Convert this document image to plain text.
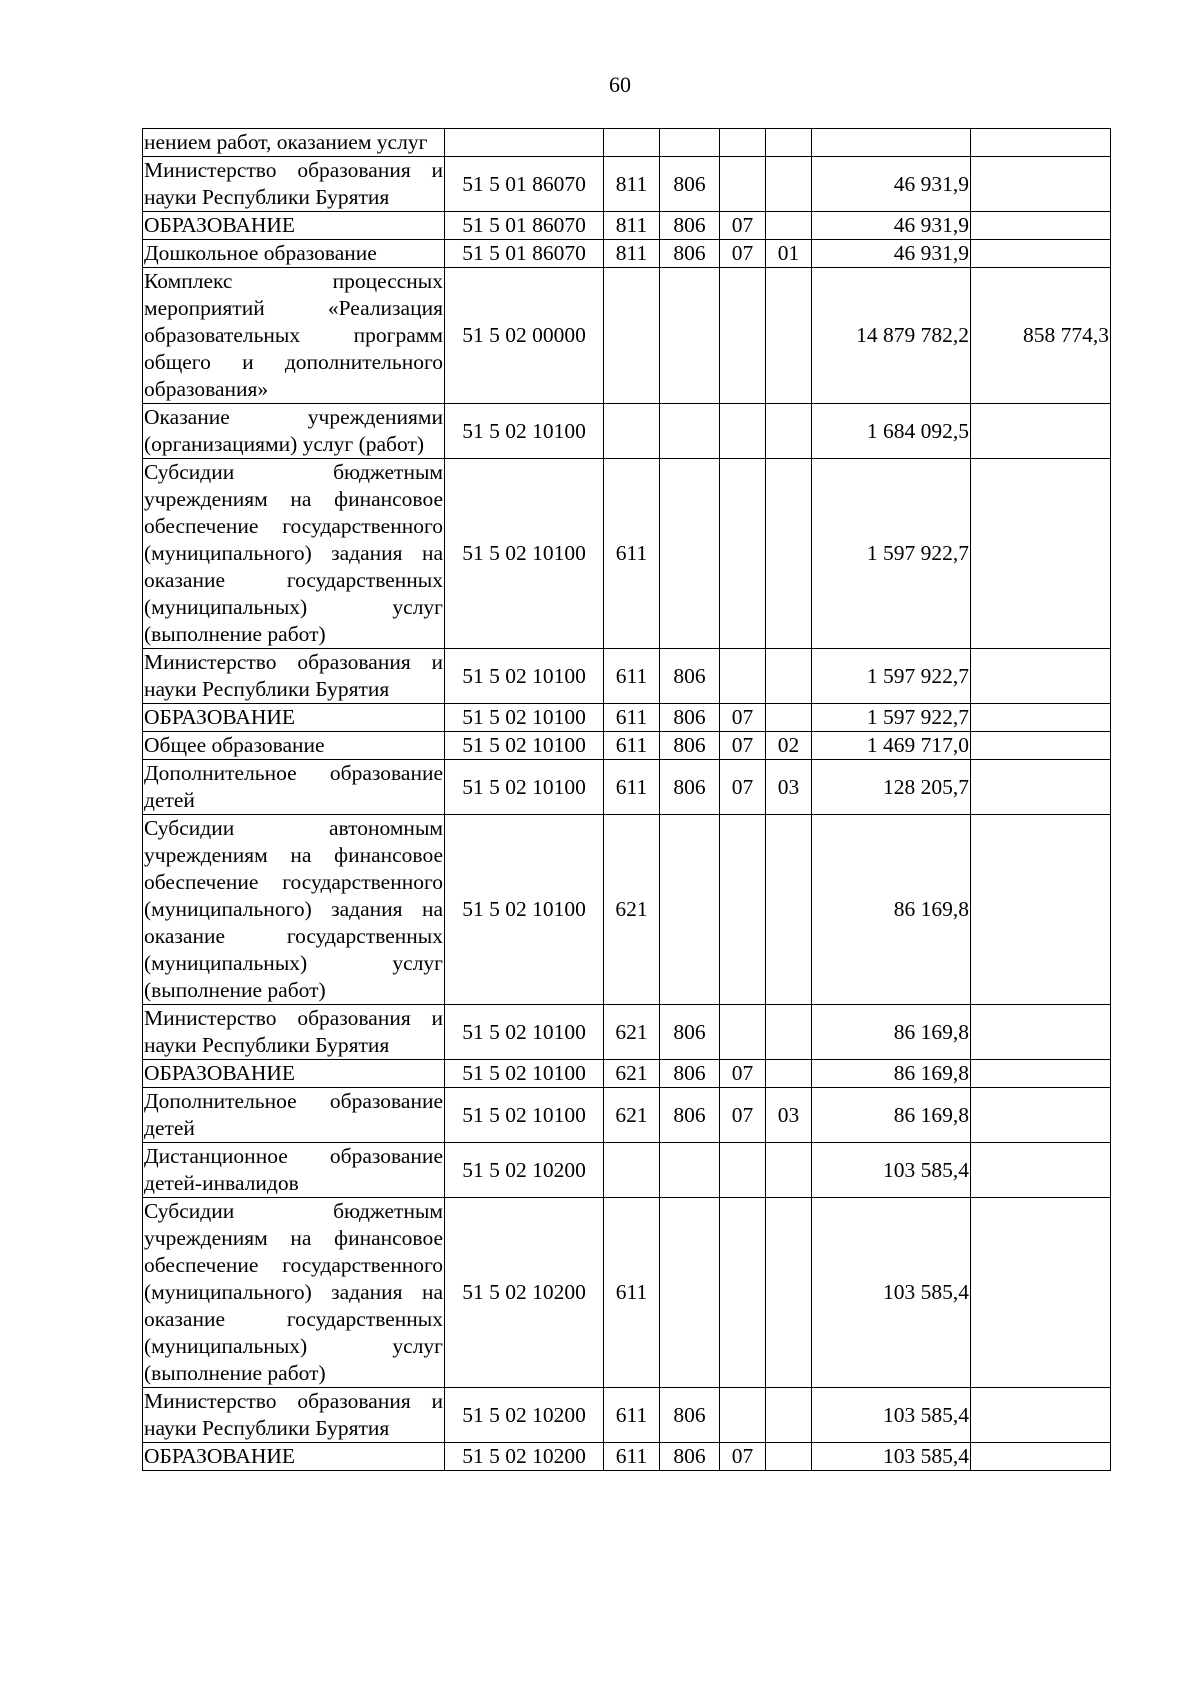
60
нением работ, оказанием услуг							
Министерство образования и науки Республики Бурятия	51 5 01 86070	811	806			46 931,9	
ОБРАЗОВАНИЕ	51 5 01 86070	811	806	07		46 931,9	
Дошкольное образование	51 5 01 86070	811	806	07	01	46 931,9	
Комплекс процессных мероприятий «Реализация образовательных программ общего и дополнительного образования»	51 5 02 00000					14 879 782,2	858 774,3
Оказание учреждениями (организациями) услуг (работ)	51 5 02 10100					1 684 092,5	
Субсидии бюджетным учреждениям на финансовое обеспечение государственного (муниципального) задания на оказание государственных (муниципальных) услуг (выполнение работ)	51 5 02 10100	611				1 597 922,7	
Министерство образования и науки Республики Бурятия	51 5 02 10100	611	806			1 597 922,7	
ОБРАЗОВАНИЕ	51 5 02 10100	611	806	07		1 597 922,7	
Общее образование	51 5 02 10100	611	806	07	02	1 469 717,0	
Дополнительное образование детей	51 5 02 10100	611	806	07	03	128 205,7	
Субсидии автономным учреждениям на финансовое обеспечение государственного (муниципального) задания на оказание государственных (муниципальных) услуг (выполнение работ)	51 5 02 10100	621				86 169,8	
Министерство образования и науки Республики Бурятия	51 5 02 10100	621	806			86 169,8	
ОБРАЗОВАНИЕ	51 5 02 10100	621	806	07		86 169,8	
Дополнительное образование детей	51 5 02 10100	621	806	07	03	86 169,8	
Дистанционное образование детей-инвалидов	51 5 02 10200					103 585,4	
Субсидии бюджетным учреждениям на финансовое обеспечение государственного (муниципального) задания на оказание государственных (муниципальных) услуг (выполнение работ)	51 5 02 10200	611				103 585,4	
Министерство образования и науки Республики Бурятия	51 5 02 10200	611	806			103 585,4	
ОБРАЗОВАНИЕ	51 5 02 10200	611	806	07		103 585,4	
